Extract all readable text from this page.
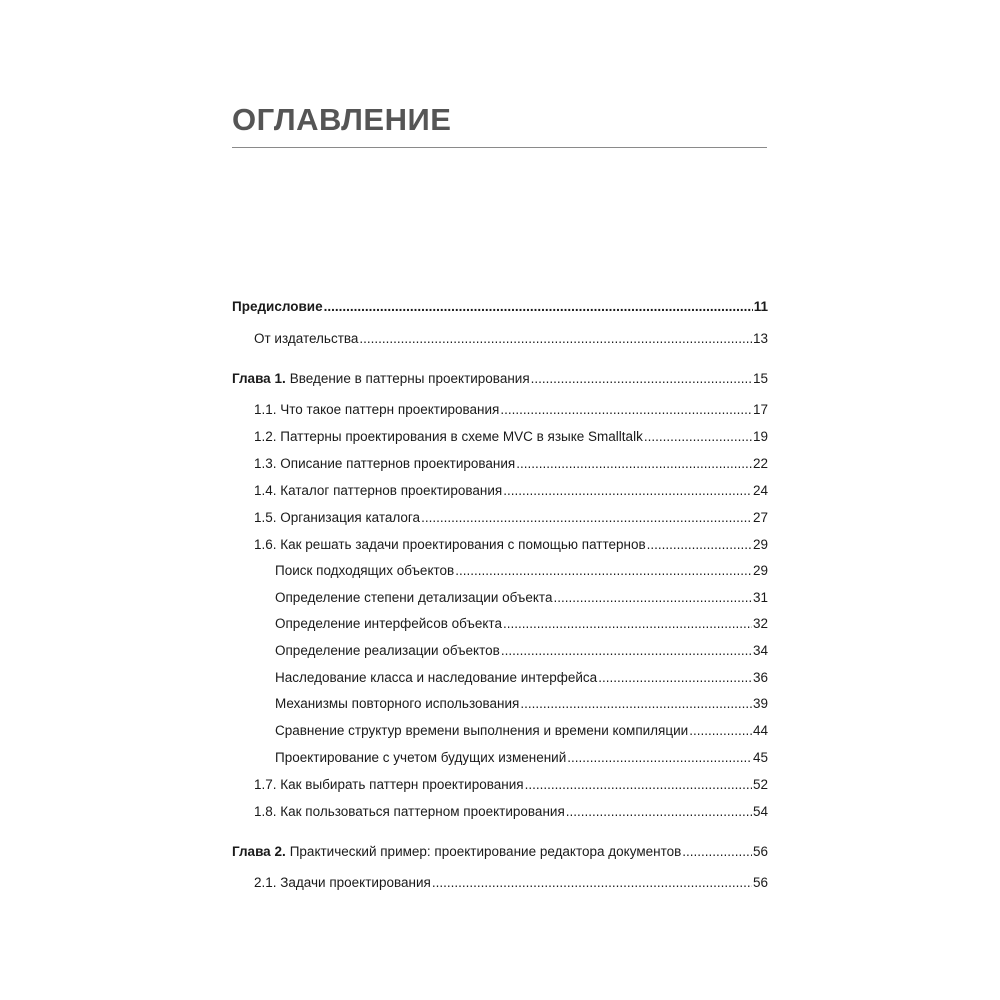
ОГЛАВЛЕНИЕ
Предисловие .....	11
От издательства .....	13
Глава 1. Введение в паттерны проектирования .....	15
1.1. Что такое паттерн проектирования .....	17
1.2. Паттерны проектирования в схеме MVC в языке Smalltalk .....	19
1.3. Описание паттернов проектирования .....	22
1.4. Каталог паттернов проектирования .....	24
1.5. Организация каталога .....	27
1.6. Как решать задачи проектирования с помощью паттернов .....	29
Поиск подходящих объектов .....	29
Определение степени детализации объекта .....	31
Определение интерфейсов объекта .....	32
Определение реализации объектов .....	34
Наследование класса и наследование интерфейса .....	36
Механизмы повторного использования .....	39
Сравнение структур времени выполнения и времени компиляции .....	44
Проектирование с учетом будущих изменений .....	45
1.7. Как выбирать паттерн проектирования .....	52
1.8. Как пользоваться паттерном проектирования .....	54
Глава 2. Практический пример: проектирование редактора документов .....	56
2.1. Задачи проектирования .....	56
